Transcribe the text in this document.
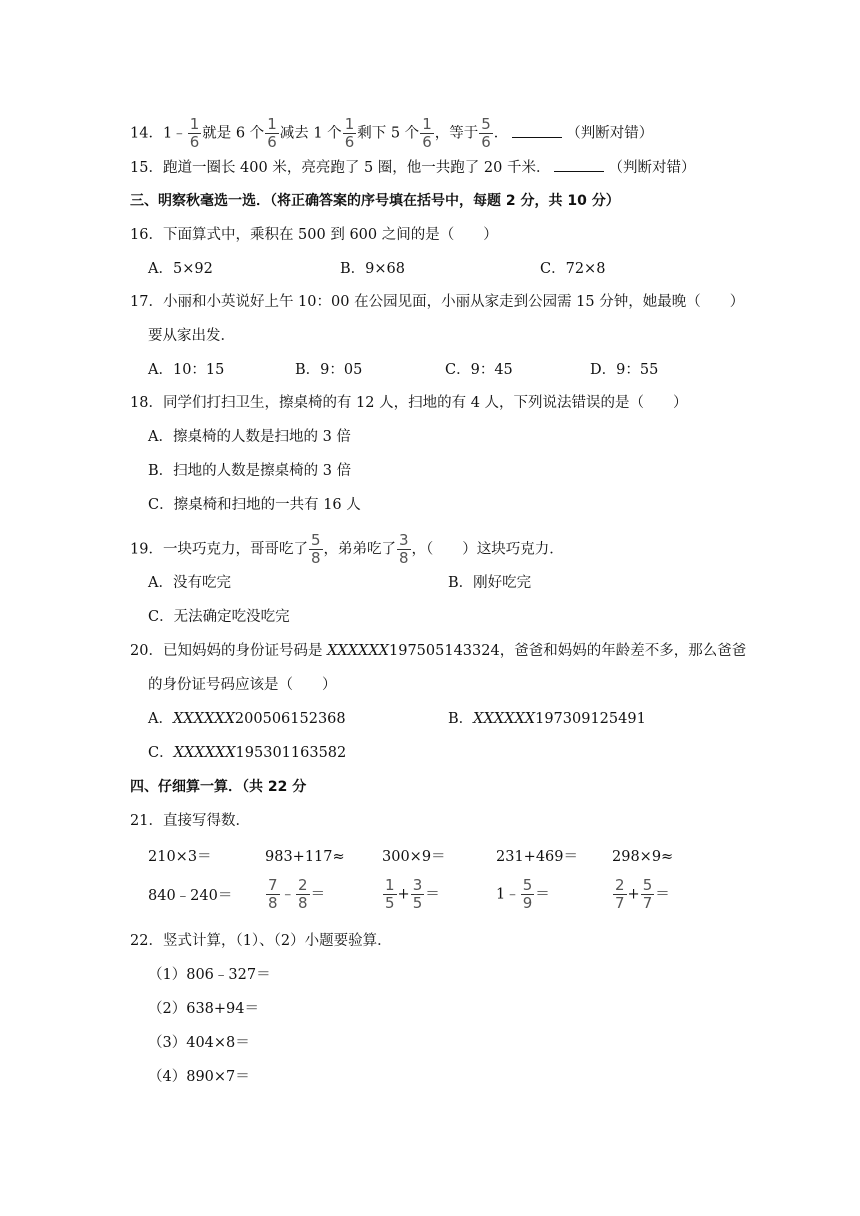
14．1﹣ $\frac{1}{6}$ 就是 6 个 $\frac{1}{6}$ 减去 1 个 $\frac{1}{6}$ 剩下 5 个 $\frac{1}{6}$ ，等于 $\frac{5}{6}$ ．	（判断对错）
15．跑道一圈长 400 米，亮亮跑了 5 圈，他一共跑了 20 千米．	（判断对错）
三、明察秋毫选一选．（将正确答案的序号填在括号中，每题 2 分，共 10 分）
16．下面算式中，乘积在 500 到 600 之间的是（　　）
A．5×92	B．9×68	C．72×8
17．小丽和小英说好上午 10：00 在公园见面，小丽从家走到公园需 15 分钟，她最晚（　　）
要从家出发．
A．10：15	B．9：05	C．9：45	D．9：55
18．同学们打扫卫生，擦桌椅的有 12 人，扫地的有 4 人，下列说法错误的是（　　）
A．擦桌椅的人数是扫地的 3 倍
B．扫地的人数是擦桌椅的 3 倍
C．擦桌椅和扫地的一共有 16 人
19．一块巧克力，哥哥吃了 $\frac{5}{8}$ ，弟弟吃了 $\frac{3}{8}$ ，（　　）这块巧克力．
A．没有吃完	B．刚好吃完
C．无法确定吃没吃完
20．已知妈妈的身份证号码是 XXXXXX197505143324，爸爸和妈妈的年龄差不多，那么爸爸
的身份证号码应该是（　　）
A．XXXXXX200506152368	B．XXXXXX197309125491
C．XXXXXX195301163582
四、仔细算一算．（共 22 分
21．直接写得数．
210×3＝	983+117≈	300×9＝	231+469＝ 298×9≈
840﹣240＝ $\frac{7}{8}$ ﹣ $\frac{2}{8}$ ＝	$\frac{1}{5} + \frac{3}{5}$ ＝	1﹣ $\frac{5}{9}$ ＝	$\frac{2}{7} + \frac{5}{7}$ ＝
22．竖式计算，（1）、（2）小题要验算．
（1）806﹣327＝
（2）638+94＝
（3）404×8＝
（4）890×7＝
